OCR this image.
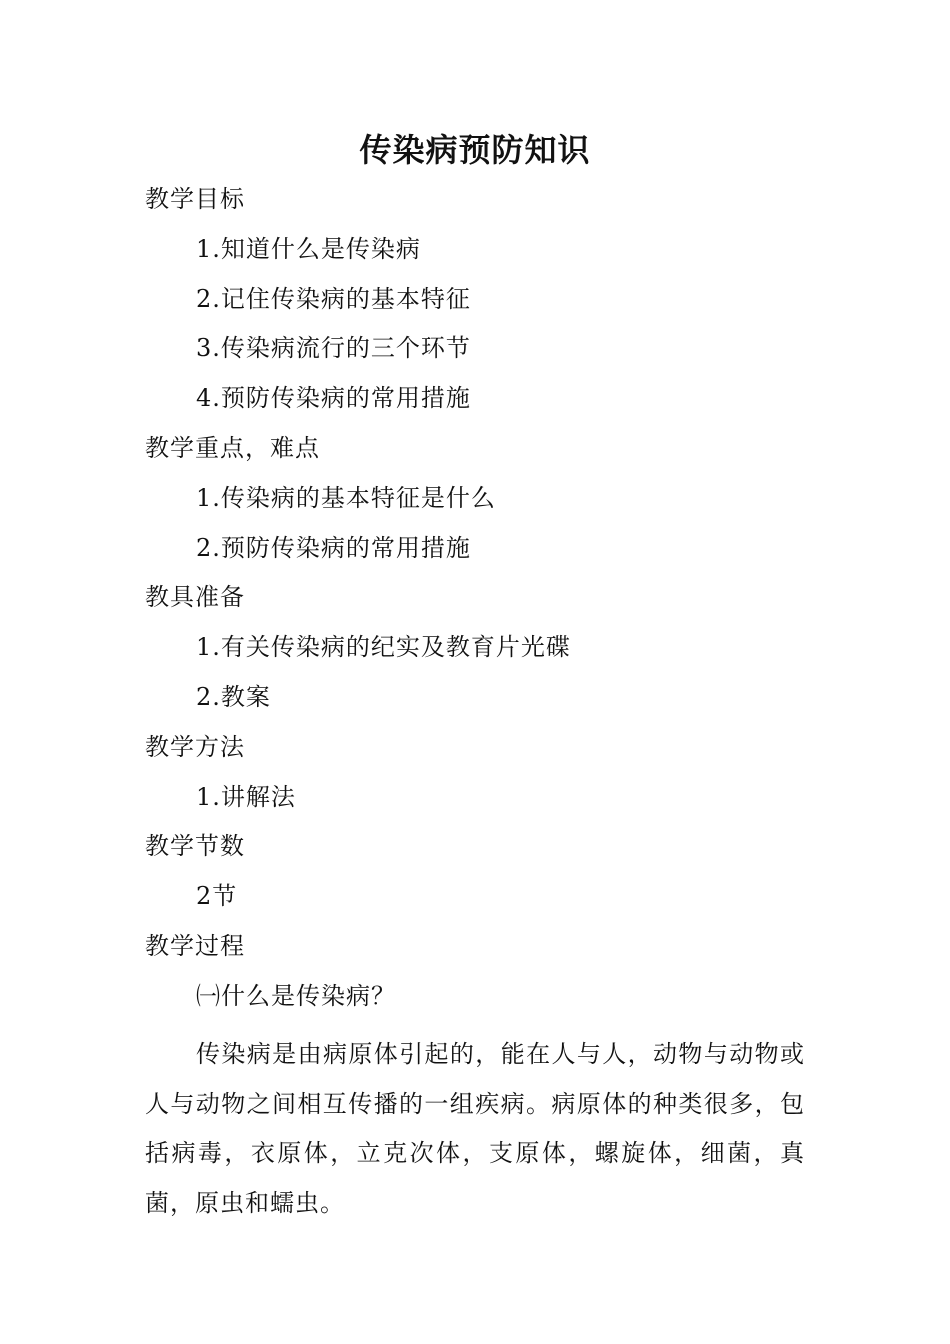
传染病预防知识
教学目标
1.知道什么是传染病
2.记住传染病的基本特征
3.传染病流行的三个环节
4.预防传染病的常用措施
教学重点，难点
1.传染病的基本特征是什么
2.预防传染病的常用措施
教具准备
1.有关传染病的纪实及教育片光碟
2.教案
教学方法
1.讲解法
教学节数
2节
教学过程
㈠什么是传染病？

传染病是由病原体引起的，能在人与人，动物与动物或人与动物之间相互传播的一组疾病。病原体的种类很多，包括病毒，衣原体，立克次体，支原体，螺旋体，细菌，真菌，原虫和蠕虫。
